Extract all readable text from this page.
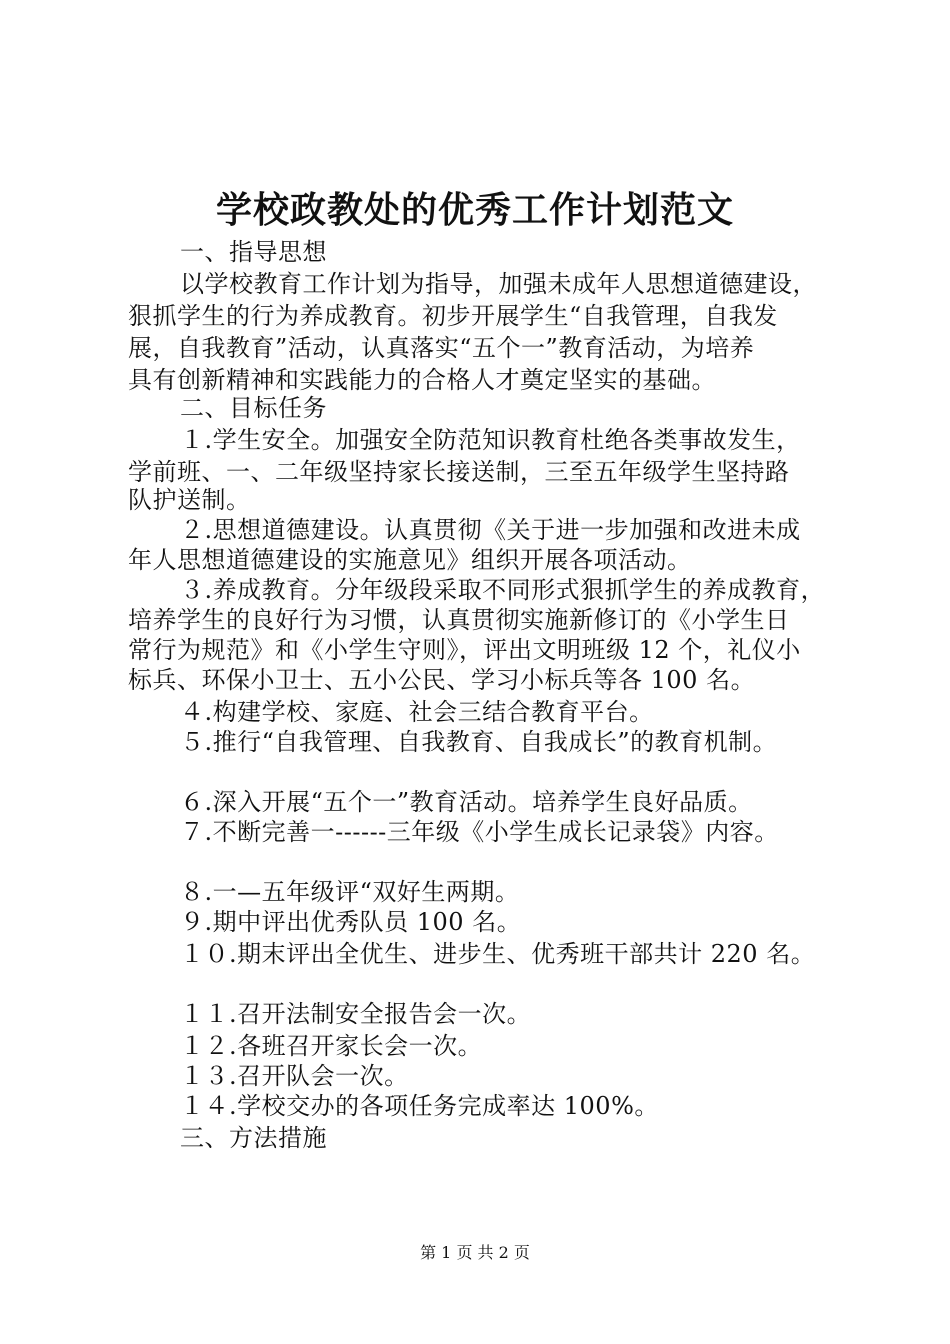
学校政教处的优秀工作计划范文
一、指导思想
以学校教育工作计划为指导，加强未成年人思想道德建设，
狠抓学生的行为养成教育。初步开展学生“自我管理，自我发
展，自我教育”活动，认真落实“五个一”教育活动，为培养
具有创新精神和实践能力的合格人才奠定坚实的基础。
二、目标任务
１.学生安全。加强安全防范知识教育杜绝各类事故发生，
学前班、一、二年级坚持家长接送制，三至五年级学生坚持路
队护送制。
２.思想道德建设。认真贯彻《关于进一步加强和改进未成
年人思想道德建设的实施意见》组织开展各项活动。
３.养成教育。分年级段采取不同形式狠抓学生的养成教育，
培养学生的良好行为习惯，认真贯彻实施新修订的《小学生日
常行为规范》和《小学生守则》，评出文明班级 12 个，礼仪小
标兵、环保小卫士、五小公民、学习小标兵等各 100 名。
４.构建学校、家庭、社会三结合教育平台。
５.推行“自我管理、自我教育、自我成长”的教育机制。
６.深入开展“五个一”教育活动。培养学生良好品质。
７.不断完善一------三年级《小学生成长记录袋》内容。
８.一—五年级评“双好生两期。
９.期中评出优秀队员 100 名。
１０.期末评出全优生、进步生、优秀班干部共计 220 名。
１１.召开法制安全报告会一次。
１２.各班召开家长会一次。
１３.召开队会一次。
１４.学校交办的各项任务完成率达 100%。
三、方法措施
第 1 页 共 2 页
